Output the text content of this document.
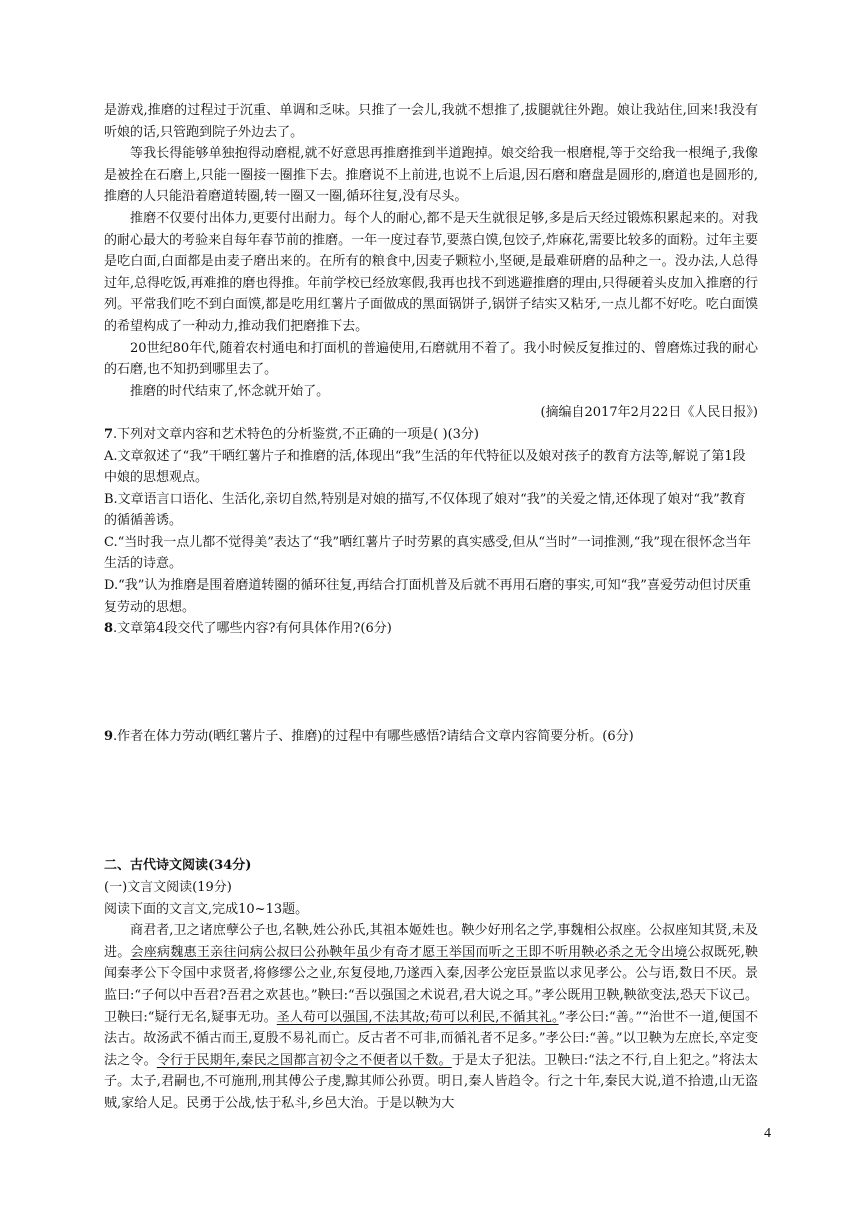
是游戏,推磨的过程过于沉重、单调和乏味。只推了一会儿,我就不想推了,拔腿就往外跑。娘让我站住,回来!我没有听娘的话,只管跑到院子外边去了。

等我长得能够单独抱得动磨棍,就不好意思再推磨推到半道跑掉。娘交给我一根磨棍,等于交给我一根绳子,我像是被拴在石磨上,只能一圈接一圈推下去。推磨说不上前进,也说不上后退,因石磨和磨盘是圆形的,磨道也是圆形的,推磨的人只能沿着磨道转圈,转一圈又一圈,循环往复,没有尽头。

推磨不仅要付出体力,更要付出耐力。每个人的耐心,都不是天生就很足够,多是后天经过锻炼积累起来的。对我的耐心最大的考验来自每年春节前的推磨。一年一度过春节,要蒸白馍,包饺子,炸麻花,需要比较多的面粉。过年主要是吃白面,白面都是由麦子磨出来的。在所有的粮食中,因麦子颗粒小,坚硬,是最难研磨的品种之一。没办法,人总得过年,总得吃饭,再难推的磨也得推。年前学校已经放寒假,我再也找不到逃避推磨的理由,只得硬着头皮加入推磨的行列。平常我们吃不到白面馍,都是吃用红薯片子面做成的黑面锅饼子,锅饼子结实又粘牙,一点儿都不好吃。吃白面馍的希望构成了一种动力,推动我们把磨推下去。

20世纪80年代,随着农村通电和打面机的普遍使用,石磨就用不着了。我小时候反复推过的、曾磨炼过我的耐心的石磨,也不知扔到哪里去了。

推磨的时代结束了,怀念就开始了。

(摘编自2017年2月22日《人民日报》)

7.下列对文章内容和艺术特色的分析鉴赏,不正确的一项是( )(3分)

A.文章叙述了“我”干晒红薯片子和推磨的活,体现出“我”生活的年代特征以及娘对孩子的教育方法等,解说了第1段中娘的思想观点。

B.文章语言口语化、生活化,亲切自然,特别是对娘的描写,不仅体现了娘对“我”的关爱之情,还体现了娘对“我”教育的循循善诱。

C.“当时我一点儿都不觉得美”表达了“我”晒红薯片子时劳累的真实感受,但从“当时”一词推测,“我”现在很怀念当年生活的诗意。

D.“我”认为推磨是围着磨道转圈的循环往复,再结合打面机普及后就不再用石磨的事实,可知“我”喜爱劳动但讨厌重复劳动的思想。

8.文章第4段交代了哪些内容?有何具体作用?(6分)

9.作者在体力劳动(晒红薯片子、推磨)的过程中有哪些感悟?请结合文章内容简要分析。(6分)

二、古代诗文阅读(34分)

(一)文言文阅读(19分)

阅读下面的文言文,完成10~13题。

商君者,卫之诸庶孽公子也,名鞅,姓公孙氏,其祖本姬姓也。鞅少好刑名之学,事魏相公叔座。公叔座知其贤,未及进。会座病魏惠王亲往问病公叔曰公孙鞅年虽少有奇才愿王举国而听之王即不听用鞅必杀之无令出境公叔既死,鞅闻秦孝公下令国中求贤者,将修缪公之业,东复侵地,乃遂西入秦,因孝公宠臣景监以求见孝公。公与语,数日不厌。景监曰:“子何以中吾君?吾君之欢甚也。”鞅曰:“吾以强国之术说君,君大说之耳。”孝公既用卫鞅,鞅欲变法,恐天下议己。卫鞅曰:“疑行无名,疑事无功。圣人苟可以强国,不法其故;苟可以利民,不循其礼。”孝公曰:“善。”“治世不一道,便国不法古。故汤武不循古而王,夏殷不易礼而亡。反古者不可非,而循礼者不足多。”孝公曰:“善。”以卫鞅为左庶长,卒定变法之令。令行于民期年,秦民之国都言初令之不便者以千数。于是太子犯法。卫鞅曰:“法之不行,自上犯之。”将法太子。太子,君嗣也,不可施刑,刑其傅公子虔,黥其师公孙贾。明日,秦人皆趋令。行之十年,秦民大说,道不拾遗,山无盗贼,家给人足。民勇于公战,怯于私斗,乡邑大治。于是以鞅为大

4
